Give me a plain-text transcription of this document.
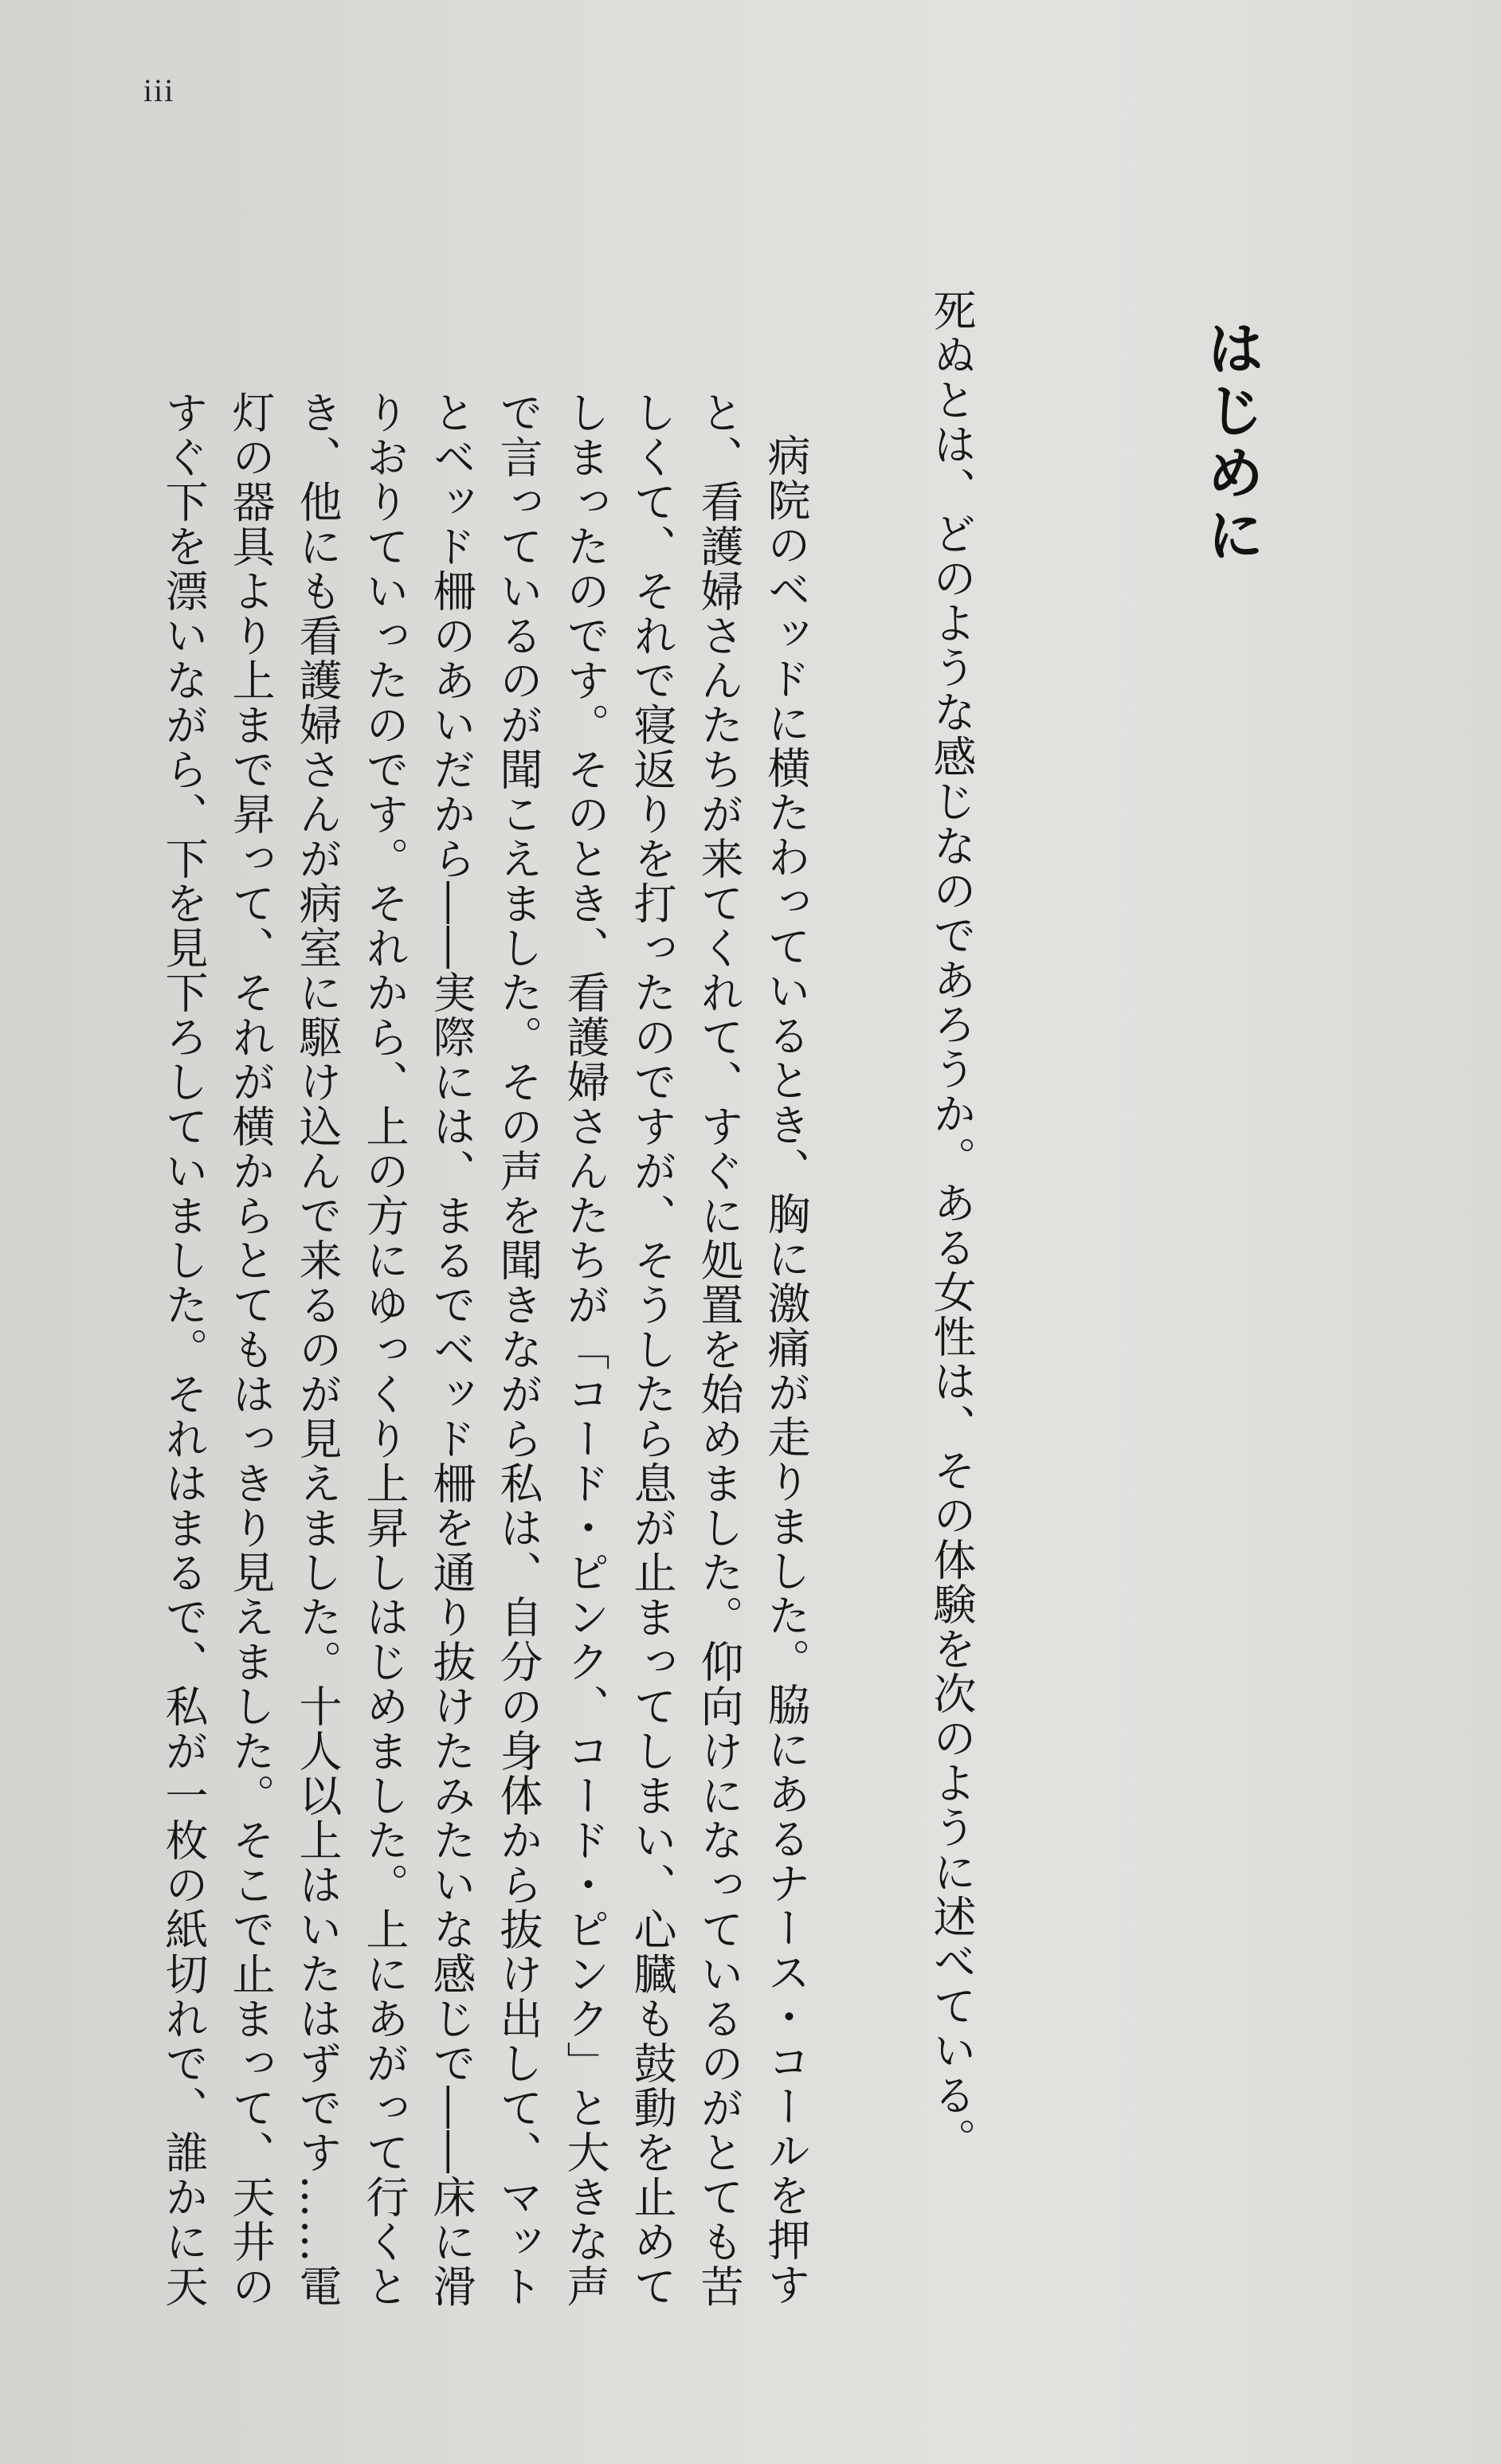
iii
はじめに
死ぬとは、どのような感じなのであろうか。ある女性は、その体験を次のように述べている。

病院のベッドに横たわっているとき、胸に激痛が走りました。脇にあるナース・コールを押すと、看護婦さんたちが来てくれて、すぐに処置を始めました。仰向けになっているのがとても苦しくて、それで寝返りを打ったのですが、そうしたら息が止まってしまい、心臓も鼓動を止めてしまったのです。そのとき、看護婦さんたちが「コード・ピンク、コード・ピンク」と大きな声で言っているのが聞こえました。その声を聞きながら私は、自分の身体から抜け出して、マットとベッド柵のあいだから――実際には、まるでベッド柵を通り抜けたみたいな感じで――床に滑りおりていったのです。それから、上の方にゆっくり上昇しはじめました。上にあがって行くとき、他にも看護婦さんが病室に駆け込んで来るのが見えました。十人以上はいたはずです……電灯の器具より上まで昇って、それが横からとてもはっきり見えました。そこで止まって、天井のすぐ下を漂いながら、下を見下ろしていました。それはまるで、私が一枚の紙切れで、誰かに天
